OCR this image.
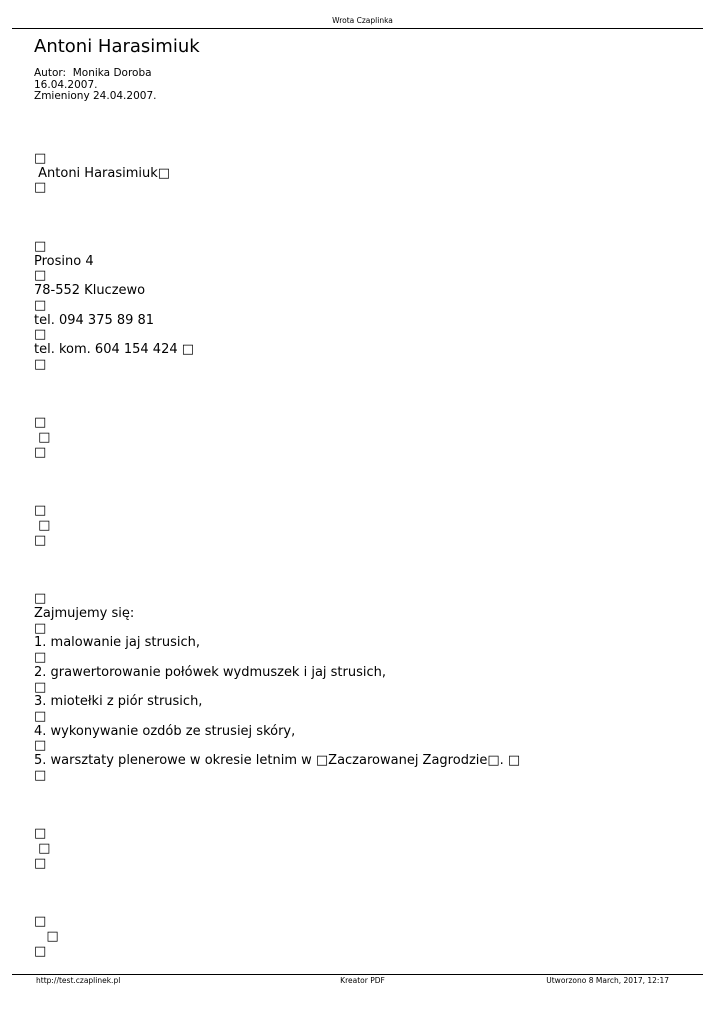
Wrota Czaplinka
Antoni Harasimiuk
Autor:  Monika Doroba
16.04.2007.
Zmieniony 24.04.2007.
□
Antoni Harasimiuk□
□
□
Prosino 4
□
78-552 Kluczewo
□
tel. 094 375 89 81
□
tel. kom. 604 154 424 □
□
□
□
□
□
□
□
□
Zajmujemy się:
□
1. malowanie jaj strusich,
□
2. grawertorowanie połówek wydmuszek i jaj strusich,
□
3. miotełki z piór strusich,
□
4. wykonywanie ozdób ze strusiej skóry,
□
5. warsztaty plenerowe w okresie letnim w □Zaczarowanej Zagrodzie□. □
□
□
□
□
□
□
□
http://test.czaplinek.pl	Kreator PDF	Utworzono 8 March, 2017, 12:17
